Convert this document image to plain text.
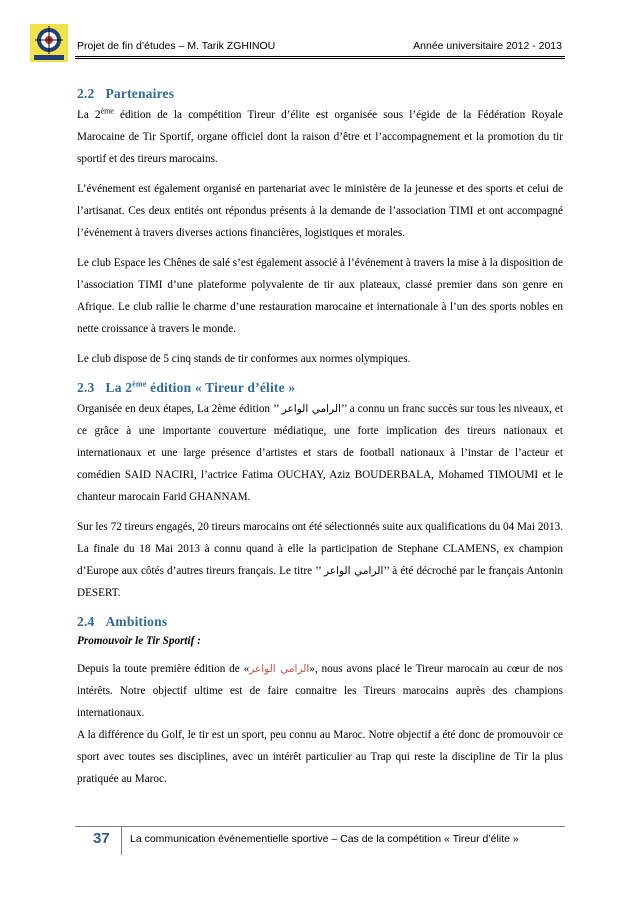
Projet de fin d’études – M. Tarik ZGHINOU	Année universitaire 2012 - 2013
2.2 Partenaires

La 2ème édition de la compétition Tireur d’élite est organisée sous l’égide de la Fédération Royale Marocaine de Tir Sportif, organe officiel dont la raison d’être et l’accompagnement et la promotion du tir sportif et des tireurs marocains.

L’événement est également organisé en partenariat avec le ministère de la jeunesse et des sports et celui de l’artisanat. Ces deux entités ont répondus présents à la demande de l’association TIMI et ont accompagné l’événement à travers diverses actions financières, logistiques et morales.

Le club Espace les Chênes de salé s’est également associé à l’événement à travers la mise à la disposition de l’association TIMI d’une plateforme polyvalente de tir aux plateaux, classé premier dans son genre en Afrique. Le club rallie le charme d’une restauration marocaine et internationale à l’un des sports nobles en nette croissance à travers le monde.

Le club dispose de 5 cinq stands de tir conformes aux normes olympiques.

2.3 La 2ème édition « Tireur d’élite »

Organisée en deux étapes, La 2ème édition ’’ الرامي الواعر’’ a connu un franc succès sur tous les niveaux, et ce grâce à une importante couverture médiatique, une forte implication des tireurs nationaux et internationaux et une large présence d’artistes et stars de football nationaux à l’instar de l’acteur et comédien SAID NACIRI, l’actrice Fatima OUCHAY, Aziz BOUDERBALA, Mohamed TIMOUMI et le chanteur marocain Farid GHANNAM.

Sur les 72 tireurs engagés, 20 tireurs marocains ont été sélectionnés suite aux qualifications du 04 Mai 2013. La finale du 18 Mai 2013 à connu quand à elle la participation de Stephane CLAMENS, ex champion d’Europe aux côtés d’autres tireurs français. Le titre ’’ الرامي الواعر’’ à été décroché par le français Antonin DESERT.

2.4 Ambitions

Promouvoir le Tir Sportif :

Depuis la toute première édition de «الرامي الواعر», nous avons placé le Tireur marocain au cœur de nos intérêts. Notre objectif ultime est de faire connaitre les Tireurs marocains auprès des champions internationaux.

A la différence du Golf, le tir est un sport, peu connu au Maroc. Notre objectif a été donc de promouvoir ce sport avec toutes ses disciplines, avec un intérêt particulier au Trap qui reste la discipline de Tir la plus pratiquée au Maroc.

37 La communication événementielle sportive – Cas de la compétition « Tireur d’élite »
